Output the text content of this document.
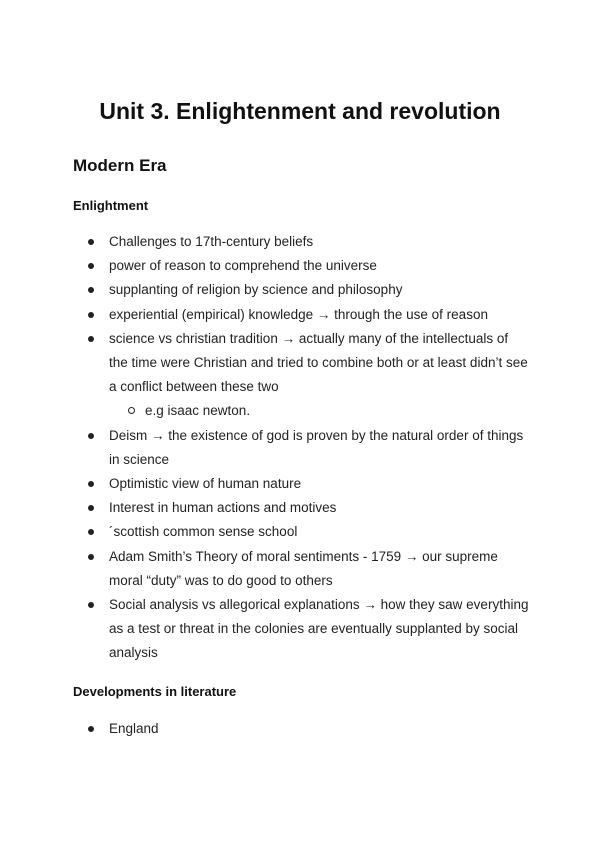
Unit 3. Enlightenment and revolution
Modern Era
Enlightment
Challenges to 17th-century beliefs
power of reason to comprehend the universe
supplanting of religion by science and philosophy
experiential (empirical) knowledge → through the use of reason
science vs christian tradition → actually many of the intellectuals of the time were Christian and tried to combine both or at least didn’t see a conflict between these two
e.g isaac newton.
Deism → the existence of god is proven by the natural order of things in science
Optimistic view of human nature
Interest in human actions and motives
´scottish common sense school
Adam Smith’s Theory of moral sentiments - 1759 → our supreme moral “duty” was to do good to others
Social analysis vs allegorical explanations → how they saw everything as a test or threat in the colonies are eventually supplanted by social analysis
Developments in literature
England
